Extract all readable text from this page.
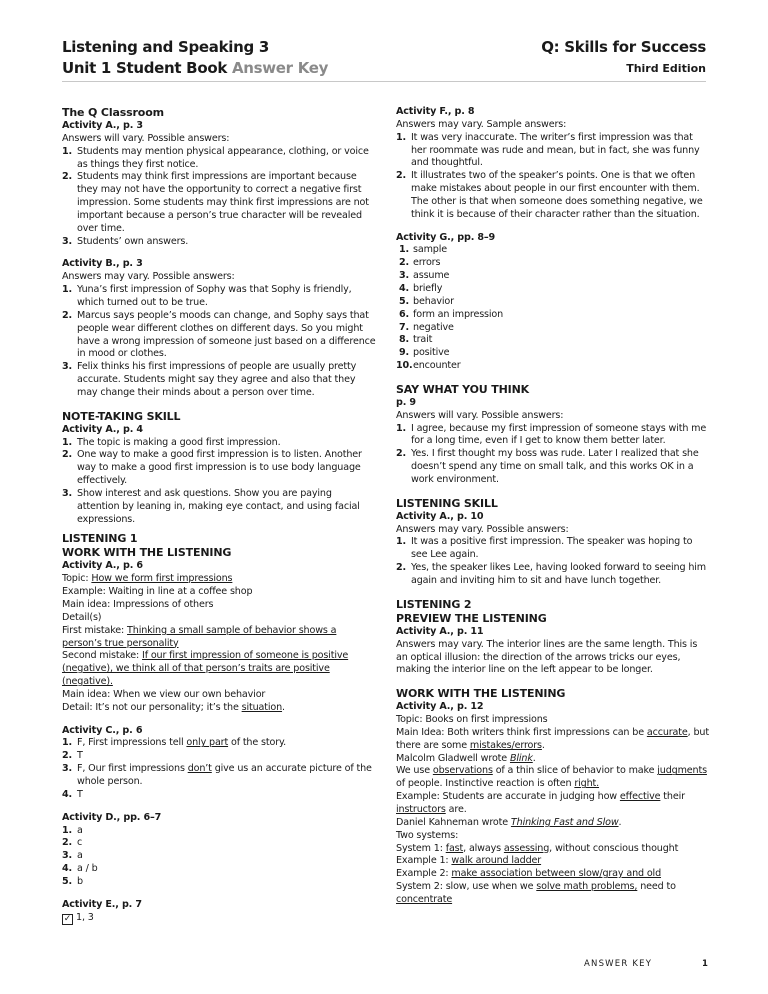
Listening and Speaking 3
Unit 1 Student Book Answer Key
Q: Skills for Success
Third Edition
The Q Classroom
Activity A., p. 3
Answers will vary. Possible answers:
1. Students may mention physical appearance, clothing, or voice as things they first notice.
2. Students may think first impressions are important because they may not have the opportunity to correct a negative first impression. Some students may think first impressions are not important because a person’s true character will be revealed over time.
3. Students’ own answers.
Activity B., p. 3
Answers may vary. Possible answers:
1. Yuna’s first impression of Sophy was that Sophy is friendly, which turned out to be true.
2. Marcus says people’s moods can change, and Sophy says that people wear different clothes on different days. So you might have a wrong impression of someone just based on a difference in mood or clothes.
3. Felix thinks his first impressions of people are usually pretty accurate. Students might say they agree and also that they may change their minds about a person over time.
NOTE-TAKING SKILL
Activity A., p. 4
1. The topic is making a good first impression.
2. One way to make a good first impression is to listen. Another way to make a good first impression is to use body language effectively.
3. Show interest and ask questions. Show you are paying attention by leaning in, making eye contact, and using facial expressions.
LISTENING 1
WORK WITH THE LISTENING
Activity A., p. 6
Topic: How we form first impressions
Example: Waiting in line at a coffee shop
Main idea: Impressions of others
Detail(s)
First mistake: Thinking a small sample of behavior shows a person’s true personality
Second mistake: If our first impression of someone is positive (negative), we think all of that person’s traits are positive (negative).
Main idea: When we view our own behavior
Detail: It’s not our personality; it’s the situation.
Activity C., p. 6
1. F, First impressions tell only part of the story.
2. T
3. F, Our first impressions don’t give us an accurate picture of the whole person.
4. T
Activity D., pp. 6–7
1. a
2. c
3. a
4. a / b
5. b
Activity E., p. 7
✓ 1, 3
Activity F., p. 8
Answers may vary. Sample answers:
1. It was very inaccurate. The writer’s first impression was that her roommate was rude and mean, but in fact, she was funny and thoughtful.
2. It illustrates two of the speaker’s points. One is that we often make mistakes about people in our first encounter with them. The other is that when someone does something negative, we think it is because of their character rather than the situation.
Activity G., pp. 8–9
1. sample
2. errors
3. assume
4. briefly
5. behavior
6. form an impression
7. negative
8. trait
9. positive
10. encounter
SAY WHAT YOU THINK
p. 9
Answers will vary. Possible answers:
1. I agree, because my first impression of someone stays with me for a long time, even if I get to know them better later.
2. Yes. I first thought my boss was rude. Later I realized that she doesn’t spend any time on small talk, and this works OK in a work environment.
LISTENING SKILL
Activity A., p. 10
Answers may vary. Possible answers:
1. It was a positive first impression. The speaker was hoping to see Lee again.
2. Yes, the speaker likes Lee, having looked forward to seeing him again and inviting him to sit and have lunch together.
LISTENING 2
PREVIEW THE LISTENING
Activity A., p. 11
Answers may vary. The interior lines are the same length. This is an optical illusion: the direction of the arrows tricks our eyes, making the interior line on the left appear to be longer.
WORK WITH THE LISTENING
Activity A., p. 12
Topic: Books on first impressions
Main Idea: Both writers think first impressions can be accurate, but there are some mistakes/errors.
Malcolm Gladwell wrote Blink.
We use observations of a thin slice of behavior to make judgments of people. Instinctive reaction is often right.
Example: Students are accurate in judging how effective their instructors are.
Daniel Kahneman wrote Thinking Fast and Slow.
Two systems:
System 1: fast, always assessing, without conscious thought
Example 1: walk around ladder
Example 2: make association between slow/gray and old
System 2: slow, use when we solve math problems, need to concentrate
ANSWER KEY	1
